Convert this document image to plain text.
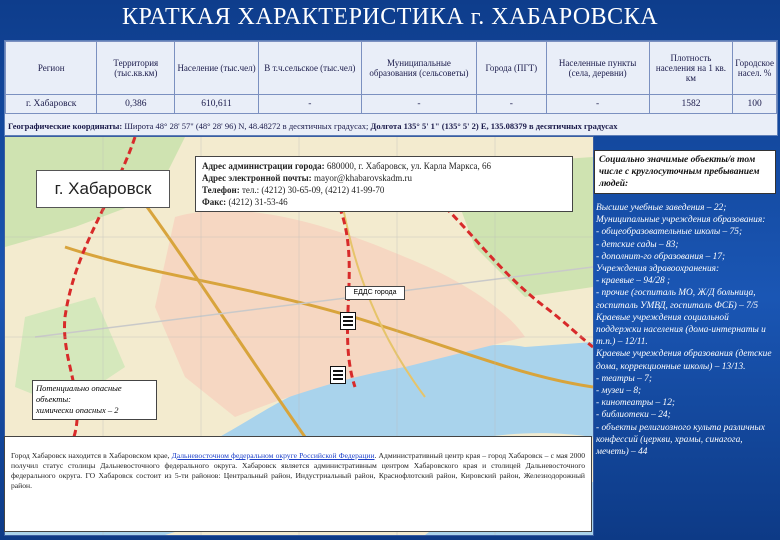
КРАТКАЯ ХАРАКТЕРИСТИКА г. ХАБАРОВСКА
Регион	Территория (тыс.кв.км)	Население (тыс.чел)	В т.ч.сельское (тыс.чел)	Муниципальные образования (сельсоветы)	Города (ПГТ)	Населенные пункты (села, деревни)	Плотность населения на 1 кв. км	Городское насел. %
г. Хабаровск	0,386	610,611	-	-	-	-	1582	100
Географические координаты: Широта 48° 28' 57" (48° 28' 96) N, 48.48272 в десятичных градусах; Долгота 135° 5' 1" (135° 5' 2) E, 135.08379 в десятичных градусах
г. Хабаровск
Адрес администрации города: 680000, г. Хабаровск, ул. Карла Маркса, 66
Адрес электронной почты: mayor@khabarovskadm.ru
Телефон: тел.: (4212) 30-65-09, (4212) 41-99-70
Факс: (4212) 31-53-46
ЕДДС города
Потенциально опасные объекты:
химически опасных – 2
Город Хабаровск находится в Хабаровском крае, Дальневосточном федеральном округе Российской Федерации. Административный центр края – город Хабаровск – с мая 2000 получил статус столицы Дальневосточного федерального округа. Хабаровск является административным центром Хабаровского края и столицей Дальневосточного федерального округа. ГО Хабаровск состоит из 5-ти районов: Центральный район, Индустриальный район, Краснофлотский район, Кировский район, Железнодорожный район.
Социально значимые объекты/в том числе с круглосуточным пребыванием людей:
Высшие учебные заведения – 22;
Муниципальные учреждения образования:
- общеобразовательные школы – 75;
- детские сады – 83;
- дополнит-го образования – 17;
Учреждения здравоохранения:
- краевые – 94/28 ;
- прочие (госпиталь МО, Ж/Д больница, госпиталь УМВД, госпиталь ФСБ) – 7/5
Краевые учреждения социальной поддержки населения (дома-интернаты и т.п.) – 12/11.
Краевые учреждения образования (детские дома, коррекционные школы) – 13/13.
- театры – 7;
- музеи – 8;
- кинотеатры – 12;
- библиотеки – 24;
- объекты религиозного культа различных конфессий (церкви, храмы, синагога, мечеть) – 44
